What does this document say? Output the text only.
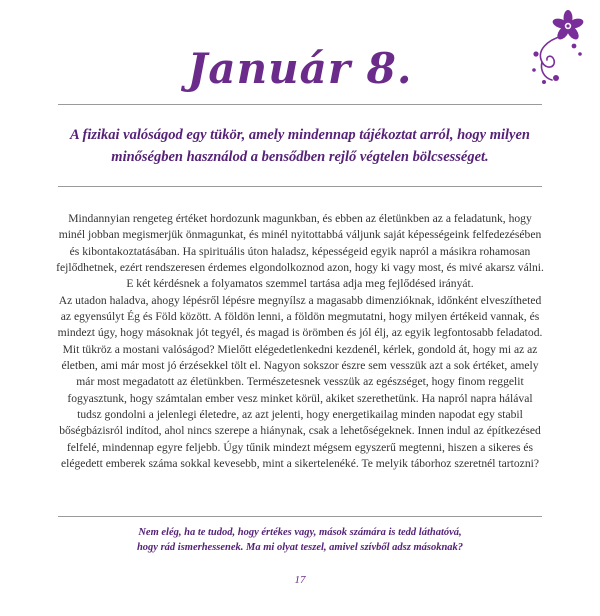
Január 8.

A fizikai valóságod egy tükör, amely mindennap tájékoztat arról, hogy milyen minőségben használod a bensődben rejlő végtelen bölcsességet.

Mindannyian rengeteg értéket hordozunk magunkban, és ebben az életünkben az a feladatunk, hogy minél jobban megismerjük önmagunkat, és minél nyitottabbá váljunk saját képességeink felfedezésében és kibontakoztatásában. Ha spirituális úton haladsz, képességeid egyik napról a másikra rohamosan fejlődhetnek, ezért rendszeresen érdemes elgondolkoznod azon, hogy ki vagy most, és mivé akarsz válni. E két kérdésnek a folyamatos szemmel tartása adja meg fejlődésed irányát.

Az utadon haladva, ahogy lépésről lépésre megnyílsz a magasabb dimenzióknak, időnként elveszítheted az egyensúlyt Ég és Föld között. A földön lenni, a földön megmutatni, hogy milyen értékeid vannak, és mindezt úgy, hogy másoknak jót tegyél, és magad is örömben és jól élj, az egyik legfontosabb feladatod.

Mit tükröz a mostani valóságod? Mielőtt elégedetlenkedni kezdenél, kérlek, gondold át, hogy mi az az életben, ami már most jó érzésekkel tölt el. Nagyon sokszor észre sem vesszük azt a sok értéket, amely már most megadatott az életünkben. Természetesnek vesszük az egészséget, hogy finom reggelit fogyasztunk, hogy számtalan ember vesz minket körül, akiket szerethetünk. Ha napról napra hálával tudsz gondolni a jelenlegi életedre, az azt jelenti, hogy energetikailag minden napodat egy stabil bőségbázisról indítod, ahol nincs szerepe a hiánynak, csak a lehetőségeknek. Innen indul az építkezésed felfelé, mindennap egyre feljebb. Úgy tűnik mindezt mégsem egyszerű megtenni, hiszen a sikeres és elégedett emberek száma sokkal kevesebb, mint a sikertelenéké. Te melyik táborhoz szeretnél tartozni?

Nem elég, ha te tudod, hogy értékes vagy, mások számára is tedd láthatóvá,
hogy rád ismerhessenek. Ma mi olyat teszel, amivel szívből adsz másoknak?
17
